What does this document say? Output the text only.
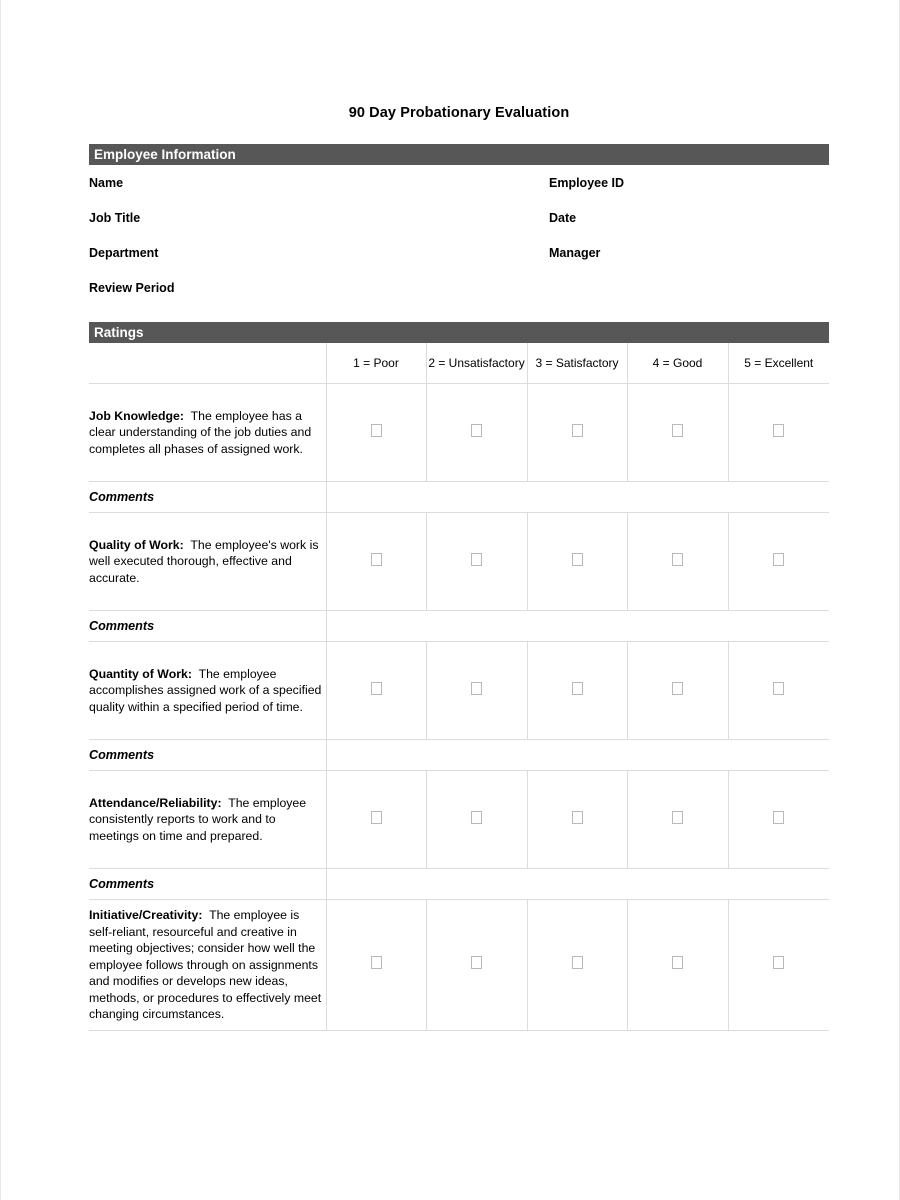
90 Day Probationary Evaluation
Employee Information
Name		Employee ID	
Job Title		Date	
Department		Manager	
Review Period			
Ratings
	1 = Poor	2 = Unsatisfactory	3 = Satisfactory	4 = Good	5 = Excellent
Job Knowledge: The employee has a clear understanding of the job duties and completes all phases of assigned work.					
Comments					
Quality of Work: The employee's work is well executed thorough, effective and accurate.					
Comments					
Quantity of Work: The employee accomplishes assigned work of a specified quality within a specified period of time.					
Comments					
Attendance/Reliability: The employee consistently reports to work and to meetings on time and prepared.					
Comments					
Initiative/Creativity: The employee is self-reliant, resourceful and creative in meeting objectives; consider how well the employee follows through on assignments and modifies or develops new ideas, methods, or procedures to effectively meet changing circumstances.					
